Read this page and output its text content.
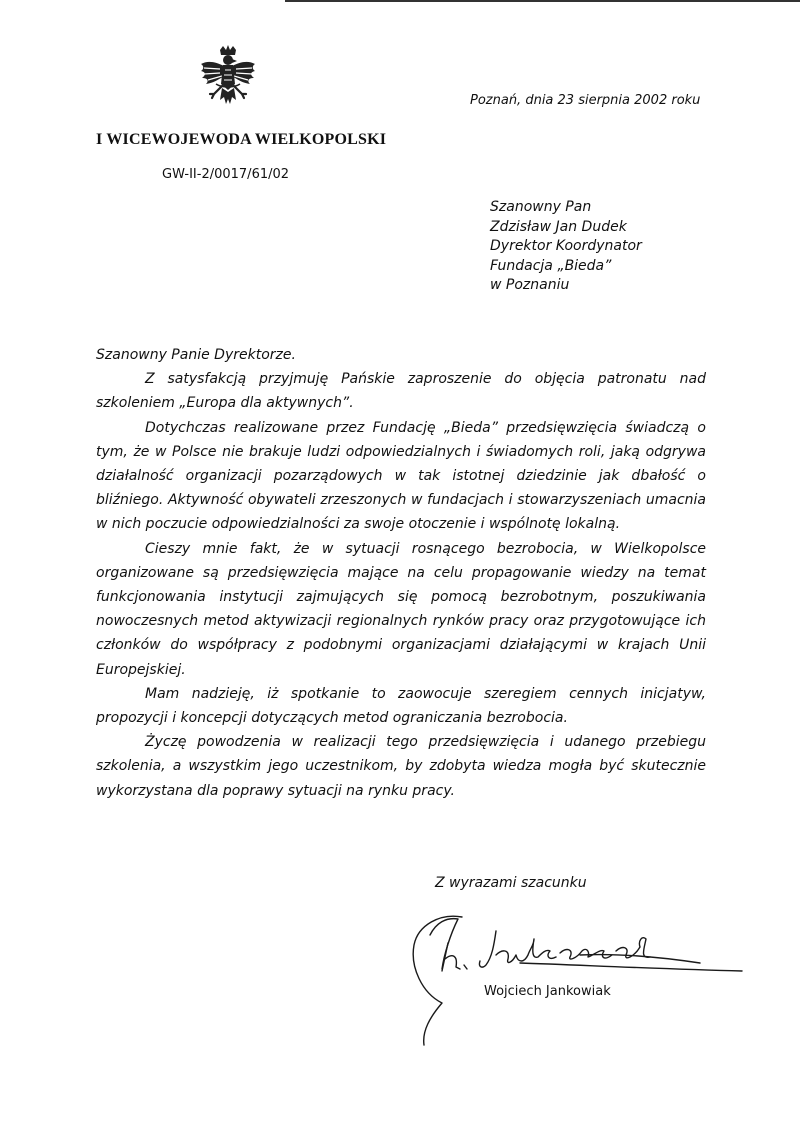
Poznań, dnia 23 sierpnia 2002 roku
I WICEWOJEWODA WIELKOPOLSKI
GW-II-2/0017/61/02
Szanowny Pan
Zdzisław Jan Dudek
Dyrektor Koordynator
Fundacja „Bieda”
w Poznaniu

Szanowny Panie Dyrektorze.

Z satysfakcją przyjmuję Pańskie zaproszenie do objęcia patronatu nad szkoleniem „Europa dla aktywnych”.

Dotychczas realizowane przez Fundację „Bieda” przedsięwzięcia świadczą o tym, że w Polsce nie brakuje ludzi odpowiedzialnych i świadomych roli, jaką odgrywa działalność organizacji pozarządowych w tak istotnej dziedzinie jak dbałość o bliźniego. Aktywność obywateli zrzeszonych w fundacjach i stowarzyszeniach umacnia w nich poczucie odpowiedzialności za swoje otoczenie i wspólnotę lokalną.

Cieszy mnie fakt, że w sytuacji rosnącego bezrobocia, w Wielkopolsce organizowane są przedsięwzięcia mające na celu propagowanie wiedzy na temat funkcjonowania instytucji zajmujących się pomocą bezrobotnym, poszukiwania nowoczesnych metod aktywizacji regionalnych rynków pracy oraz przygotowujące ich członków do współpracy z podobnymi organizacjami działającymi w krajach Unii Europejskiej.

Mam nadzieję, iż spotkanie to zaowocuje szeregiem cennych inicjatyw, propozycji i koncepcji dotyczących metod ograniczania bezrobocia.

Życzę powodzenia w realizacji tego przedsięwzięcia i udanego przebiegu szkolenia, a wszystkim jego uczestnikom, by zdobyta wiedza mogła być skutecznie wykorzystana dla poprawy sytuacji na rynku pracy.

Z wyrazami szacunku
Wojciech Jankowiak
